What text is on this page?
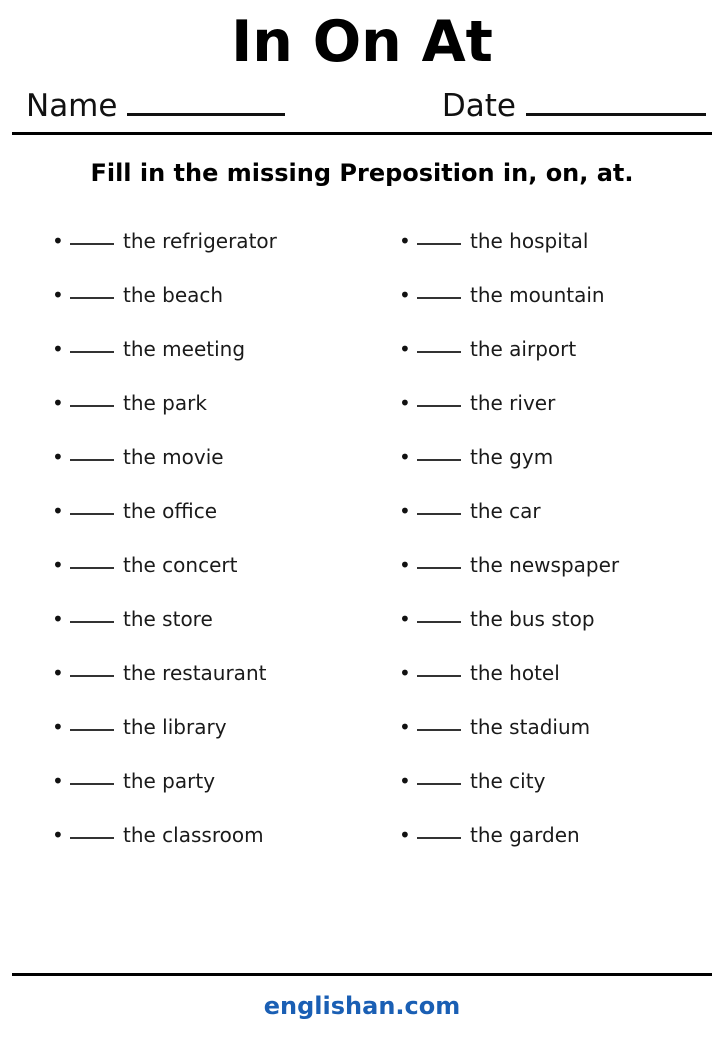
In On At
Name	Date
Fill in the missing Preposition in, on, at.
•	the refrigerator
•	the beach
•	the meeting
•	the park
•	the movie
•	the office
•	the concert
•	the store
•	the restaurant
•	the library
•	the party
•	the classroom
•	the hospital
•	the mountain
•	the airport
•	the river
•	the gym
•	the car
•	the newspaper
•	the bus stop
•	the hotel
•	the stadium
•	the city
•	the garden
englishan.com
